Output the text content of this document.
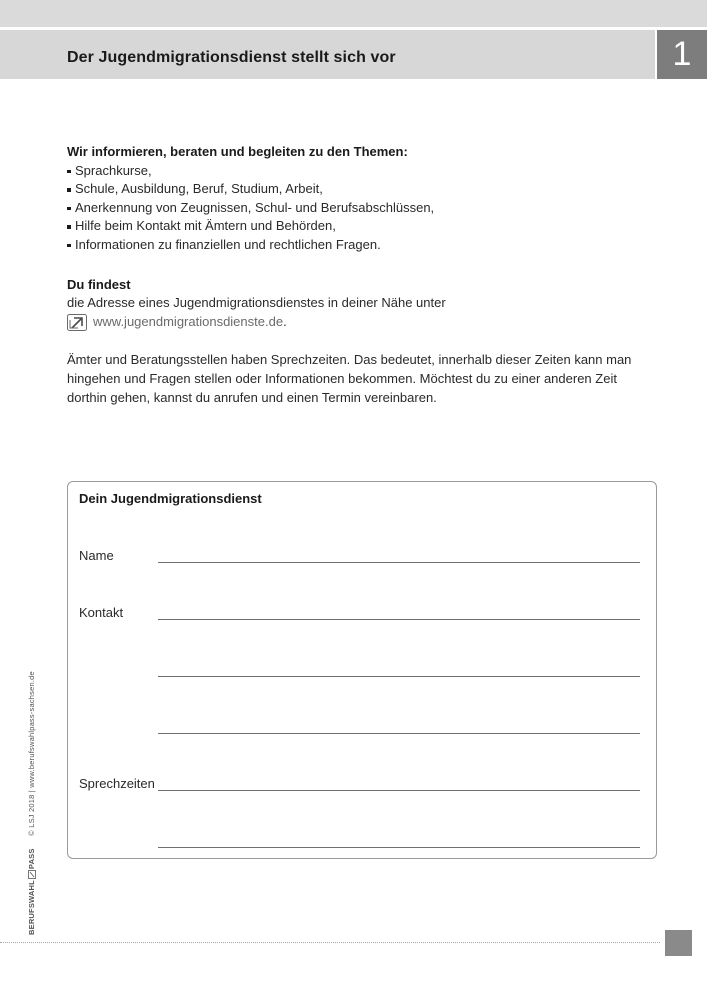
Der Jugendmigrationsdienst stellt sich vor	1
Wir informieren, beraten und begleiten zu den Themen:
Sprachkurse,
Schule, Ausbildung, Beruf, Studium, Arbeit,
Anerkennung von Zeugnissen, Schul- und Berufsabschlüssen,
Hilfe beim Kontakt mit Ämtern und Behörden,
Informationen zu finanziellen und rechtlichen Fragen.
Du findest
die Adresse eines Jugendmigrationsdienstes in deiner Nähe unter
www.jugendmigrationsdienste.de .
Ämter und Beratungsstellen haben Sprechzeiten. Das bedeutet, innerhalb dieser Zeiten kann man
hingehen und Fragen stellen oder Informationen bekommen. Möchtest du zu einer anderen Zeit
dorthin gehen, kannst du anrufen und einen Termin vereinbaren.
Dein Jugendmigrationsdienst
Name
Kontakt
Sprechzeiten
BERUFSWAHLPASS  © LSJ 2018 | www.berufswahlpass-sachsen.de
